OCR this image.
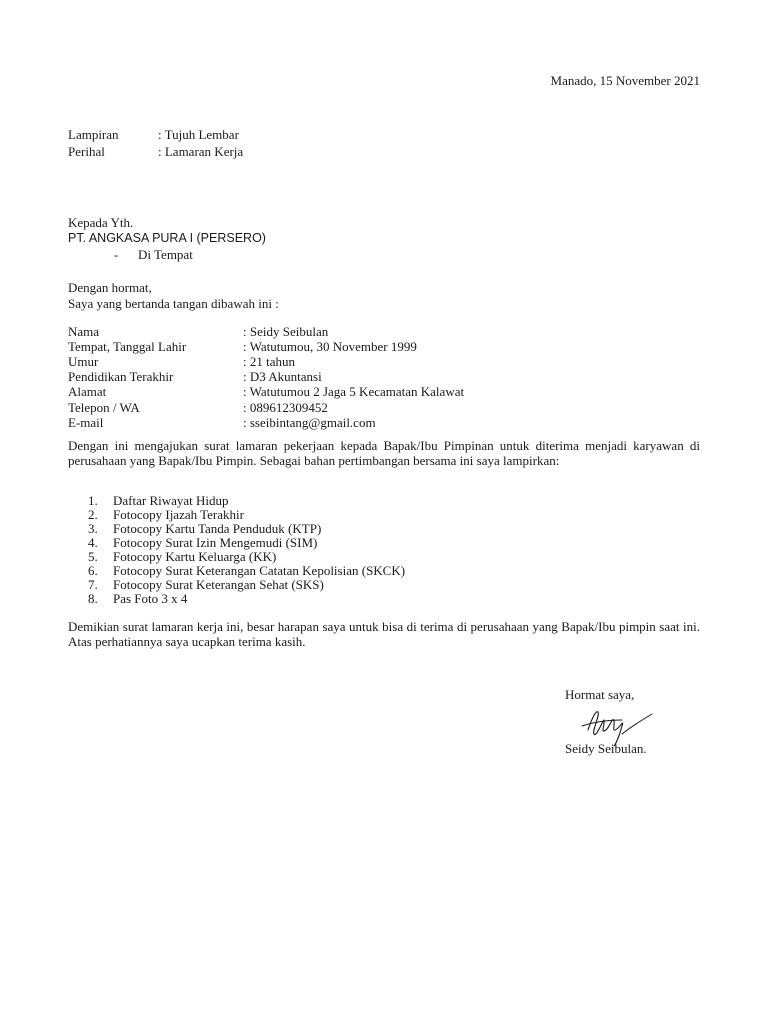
Manado, 15 November 2021
Lampiran	: Tujuh Lembar
Perihal	: Lamaran Kerja
Kepada Yth.
PT. ANGKASA PURA I (PERSERO)
- Di Tempat
Dengan hormat,
Saya yang bertanda tangan dibawah ini :
Nama	: Seidy Seibulan
Tempat, Tanggal Lahir	: Watutumou, 30 November 1999
Umur	: 21 tahun
Pendidikan Terakhir	: D3 Akuntansi
Alamat	: Watutumou 2 Jaga 5 Kecamatan Kalawat
Telepon / WA	: 089612309452
E-mail	: sseibintang@gmail.com
Dengan ini mengajukan surat lamaran pekerjaan kepada Bapak/Ibu Pimpinan untuk diterima menjadi karyawan di perusahaan yang Bapak/Ibu Pimpin. Sebagai bahan pertimbangan bersama ini saya lampirkan:
1.	Daftar Riwayat Hidup
2.	Fotocopy Ijazah Terakhir
3.	Fotocopy Kartu Tanda Penduduk (KTP)
4.	Fotocopy Surat Izin Mengemudi (SIM)
5.	Fotocopy Kartu Keluarga (KK)
6.	Fotocopy Surat Keterangan Catatan Kepolisian (SKCK)
7.	Fotocopy Surat Keterangan Sehat (SKS)
8.	Pas Foto 3 x 4
Demikian surat lamaran kerja ini, besar harapan saya untuk bisa di terima di perusahaan yang Bapak/Ibu pimpin saat ini. Atas perhatiannya saya ucapkan terima kasih.
Hormat saya,
Seidy Seibulan.
